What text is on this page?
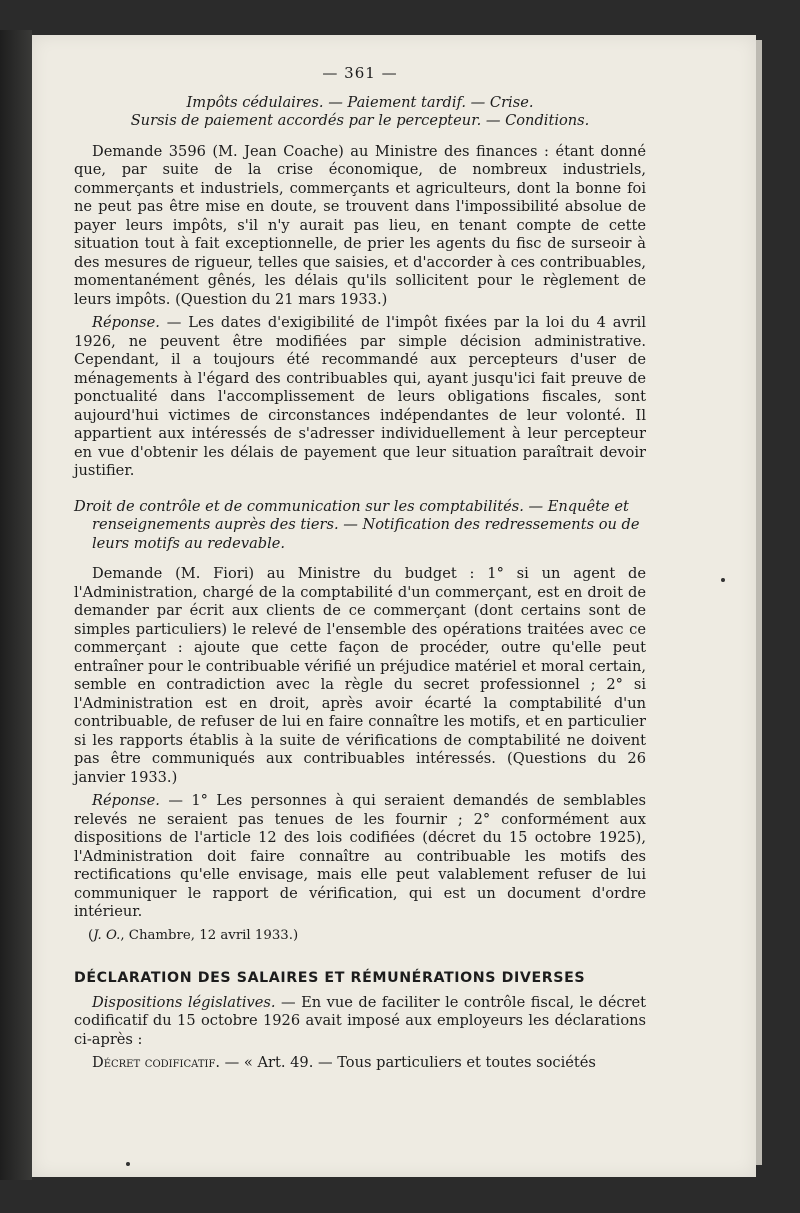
— 361 —

Impôts cédulaires. — Paiement tardif. — Crise.

Sursis de paiement accordés par le percepteur. — Conditions.

Demande 3596 (M. Jean Coache) au Ministre des finances : étant donné que, par suite de la crise économique, de nombreux industriels, commerçants et industriels, commerçants et agriculteurs, dont la bonne foi ne peut pas être mise en doute, se trouvent dans l'impossibilité absolue de payer leurs impôts, s'il n'y aurait pas lieu, en tenant compte de cette situation tout à fait exceptionnelle, de prier les agents du fisc de surseoir à des mesures de rigueur, telles que saisies, et d'accorder à ces contribuables, momentanément gênés, les délais qu'ils sollicitent pour le règlement de leurs impôts. (Question du 21 mars 1933.)

Réponse. — Les dates d'exigibilité de l'impôt fixées par la loi du 4 avril 1926, ne peuvent être modifiées par simple décision administrative. Cependant, il a toujours été recommandé aux percepteurs d'user de ménagements à l'égard des contribuables qui, ayant jusqu'ici fait preuve de ponctualité dans l'accomplissement de leurs obligations fiscales, sont aujourd'hui victimes de circonstances indépendantes de leur volonté. Il appartient aux intéressés de s'adresser individuellement à leur percepteur en vue d'obtenir les délais de payement que leur situation paraîtrait devoir justifier.

Droit de contrôle et de communication sur les comptabilités. — Enquête et
renseignements auprès des tiers. — Notification des redressements ou de
leurs motifs au redevable.

Demande (M. Fiori) au Ministre du budget : 1° si un agent de l'Administration, chargé de la comptabilité d'un commerçant, est en droit de demander par écrit aux clients de ce commerçant (dont certains sont de simples particuliers) le relevé de l'ensemble des opérations traitées avec ce commerçant : ajoute que cette façon de procéder, outre qu'elle peut entraîner pour le contribuable vérifié un préjudice matériel et moral certain, semble en contradiction avec la règle du secret professionnel ; 2° si l'Administration est en droit, après avoir écarté la comptabilité d'un contribuable, de refuser de lui en faire connaître les motifs, et en particulier si les rapports établis à la suite de vérifications de comptabilité ne doivent pas être communiqués aux contribuables intéressés. (Questions du 26 janvier 1933.)

Réponse. — 1° Les personnes à qui seraient demandés de semblables relevés ne seraient pas tenues de les fournir ; 2° conformément aux dispositions de l'article 12 des lois codifiées (décret du 15 octobre 1925), l'Administration doit faire connaître au contribuable les motifs des rectifications qu'elle envisage, mais elle peut valablement refuser de lui communiquer le rapport de vérification, qui est un document d'ordre intérieur.

(J. O., Chambre, 12 avril 1933.)

DÉCLARATION DES SALAIRES ET RÉMUNÉRATIONS DIVERSES

Dispositions législatives. — En vue de faciliter le contrôle fiscal, le décret codificatif du 15 octobre 1926 avait imposé aux employeurs les déclarations ci-après :

Décret codificatif. — « Art. 49. — Tous particuliers et toutes sociétés
